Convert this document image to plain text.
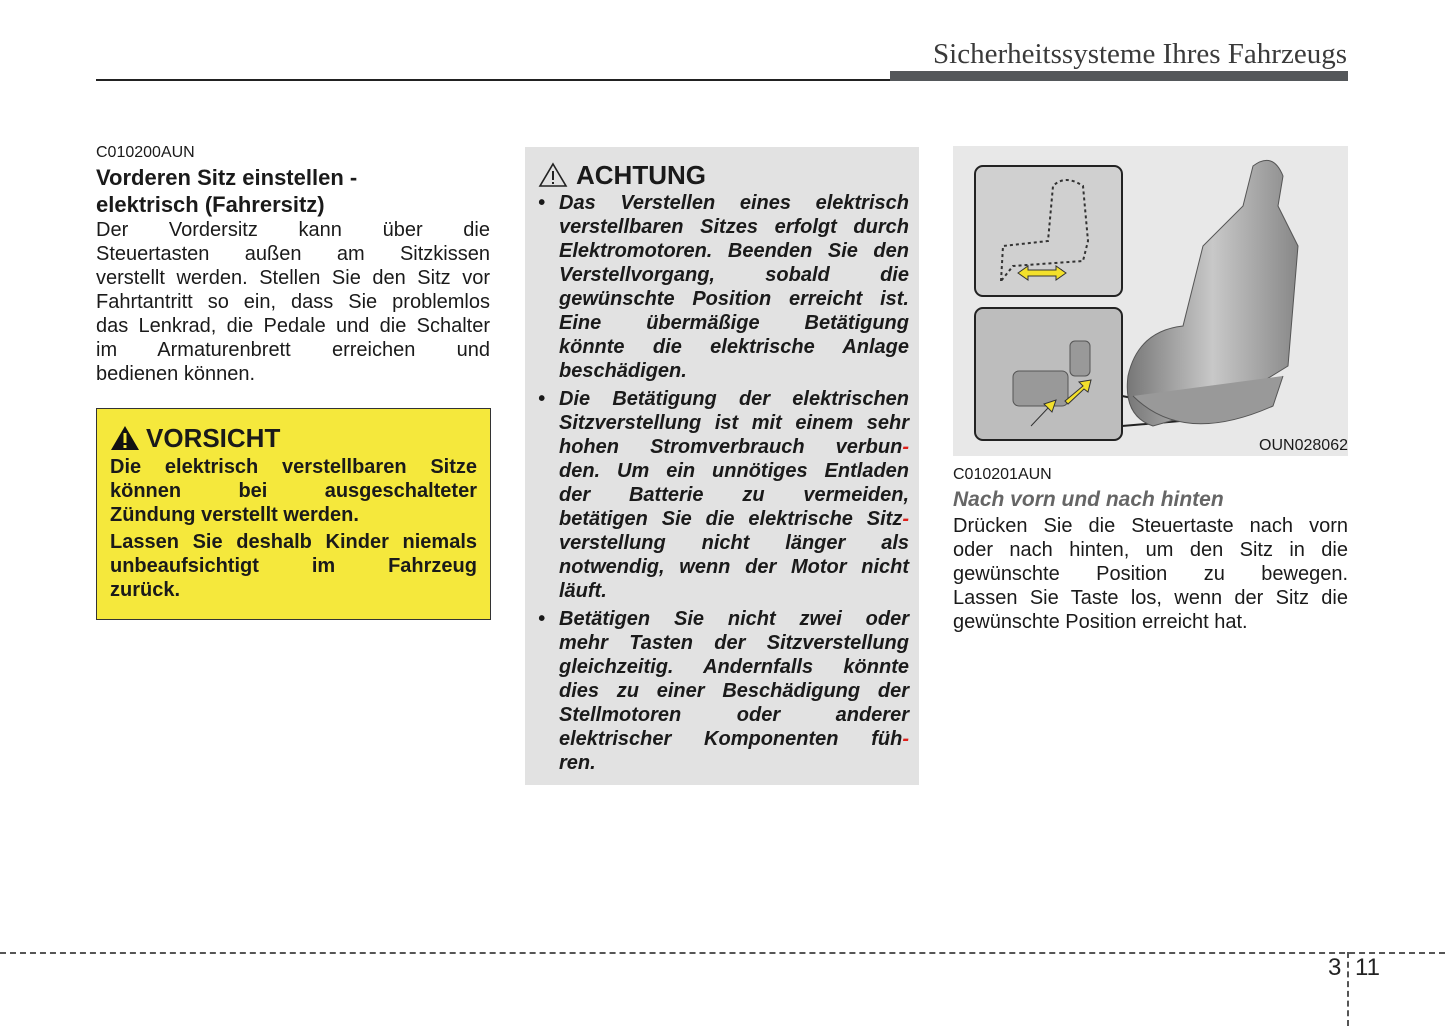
Sicherheitssysteme Ihres Fahrzeugs
C010200AUN
Vorderen Sitz einstellen -
elektrisch (Fahrersitz)
Der Vordersitz kann über die
Steuertasten außen am Sitzkissen
verstellt werden. Stellen Sie den Sitz vor
Fahrtantritt so ein, dass Sie problemlos
das Lenkrad, die Pedale und die Schalter
im Armaturenbrett erreichen und
bedienen können.
VORSICHT
Die elektrisch verstellbaren Sitze
können bei ausgeschalteter
Zündung verstellt werden.
Lassen Sie deshalb Kinder niemals
unbeaufsichtigt im Fahrzeug
zurück.
ACHTUNG
• Das Verstellen eines elektrisch
verstellbaren Sitzes erfolgt durch
Elektromotoren. Beenden Sie den
Verstellvorgang, sobald die
gewünschte Position erreicht ist.
Eine übermäßige Betätigung
könnte die elektrische Anlage
beschädigen.
• Die Betätigung der elektrischen
Sitzverstellung ist mit einem sehr
hohen Stromverbrauch verbun-
den. Um ein unnötiges Entladen
der Batterie zu vermeiden,
betätigen Sie die elektrische Sitz-
verstellung nicht länger als
notwendig, wenn der Motor nicht
läuft.
• Betätigen Sie nicht zwei oder
mehr Tasten der Sitzverstellung
gleichzeitig. Andernfalls könnte
dies zu einer Beschädigung der
Stellmotoren oder anderer
elektrischer Komponenten füh-
ren.
OUN028062
C010201AUN
Nach vorn und nach hinten
Drücken Sie die Steuertaste nach vorn
oder nach hinten, um den Sitz in die
gewünschte Position zu bewegen.
Lassen Sie Taste los, wenn der Sitz die
gewünschte Position erreicht hat.
3 11
